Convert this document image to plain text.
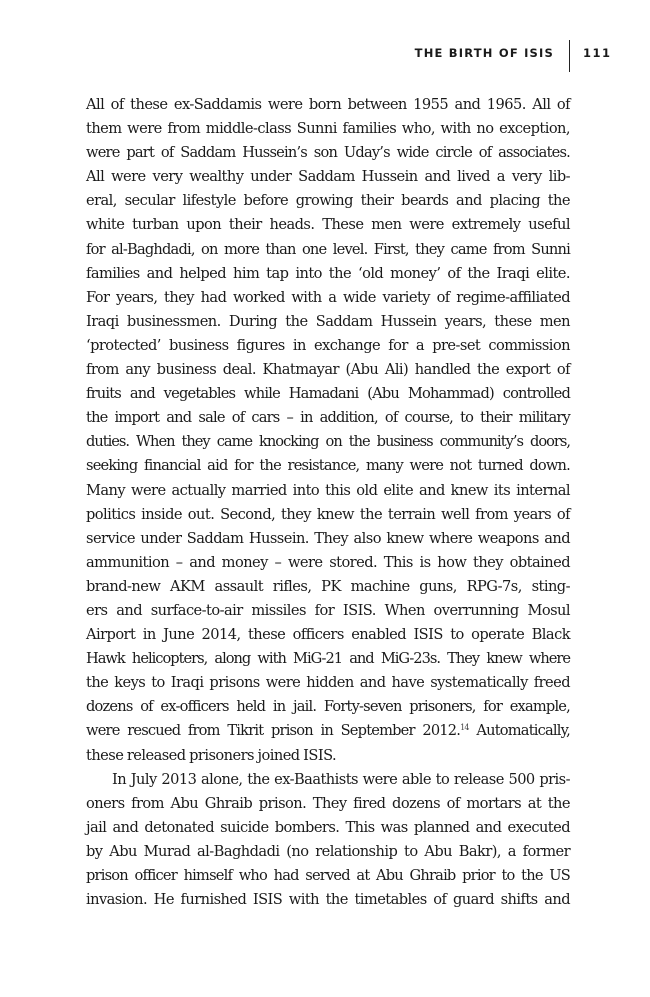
THE BIRTH OF ISIS	111
All of these ex-Saddamis were born between 1955 and 1965. All of
them were from middle-class Sunni families who, with no exception,
were part of Saddam Hussein’s son Uday’s wide circle of associates.
All were very wealthy under Saddam Hussein and lived a very lib-
eral, secular lifestyle before growing their beards and placing the
white turban upon their heads. These men were extremely useful
for al-Baghdadi, on more than one level. First, they came from Sunni
families and helped him tap into the ‘old money’ of the Iraqi elite.
For years, they had worked with a wide variety of regime-affiliated
Iraqi businessmen. During the Saddam Hussein years, these men
‘protected’ business figures in exchange for a pre-set commission
from any business deal. Khatmayar (Abu Ali) handled the export of
fruits and vegetables while Hamadani (Abu Mohammad) controlled
the import and sale of cars – in addition, of course, to their military
duties. When they came knocking on the business community’s doors,
seeking financial aid for the resistance, many were not turned down.
Many were actually married into this old elite and knew its internal
politics inside out. Second, they knew the terrain well from years of
service under Saddam Hussein. They also knew where weapons and
ammunition – and money – were stored. This is how they obtained
brand-new AKM assault rifles, PK machine guns, RPG-7s, sting-
ers and surface-to-air missiles for ISIS. When overrunning Mosul
Airport in June 2014, these officers enabled ISIS to operate Black
Hawk helicopters, along with MiG-21 and MiG-23s. They knew where
the keys to Iraqi prisons were hidden and have systematically freed
dozens of ex-officers held in jail. Forty-seven prisoners, for example,
were rescued from Tikrit prison in September 2012.14 Automatically,
these released prisoners joined ISIS.
In July 2013 alone, the ex-Baathists were able to release 500 pris-
oners from Abu Ghraib prison. They fired dozens of mortars at the
jail and detonated suicide bombers. This was planned and executed
by Abu Murad al-Baghdadi (no relationship to Abu Bakr), a former
prison officer himself who had served at Abu Ghraib prior to the US
invasion. He furnished ISIS with the timetables of guard shifts and
